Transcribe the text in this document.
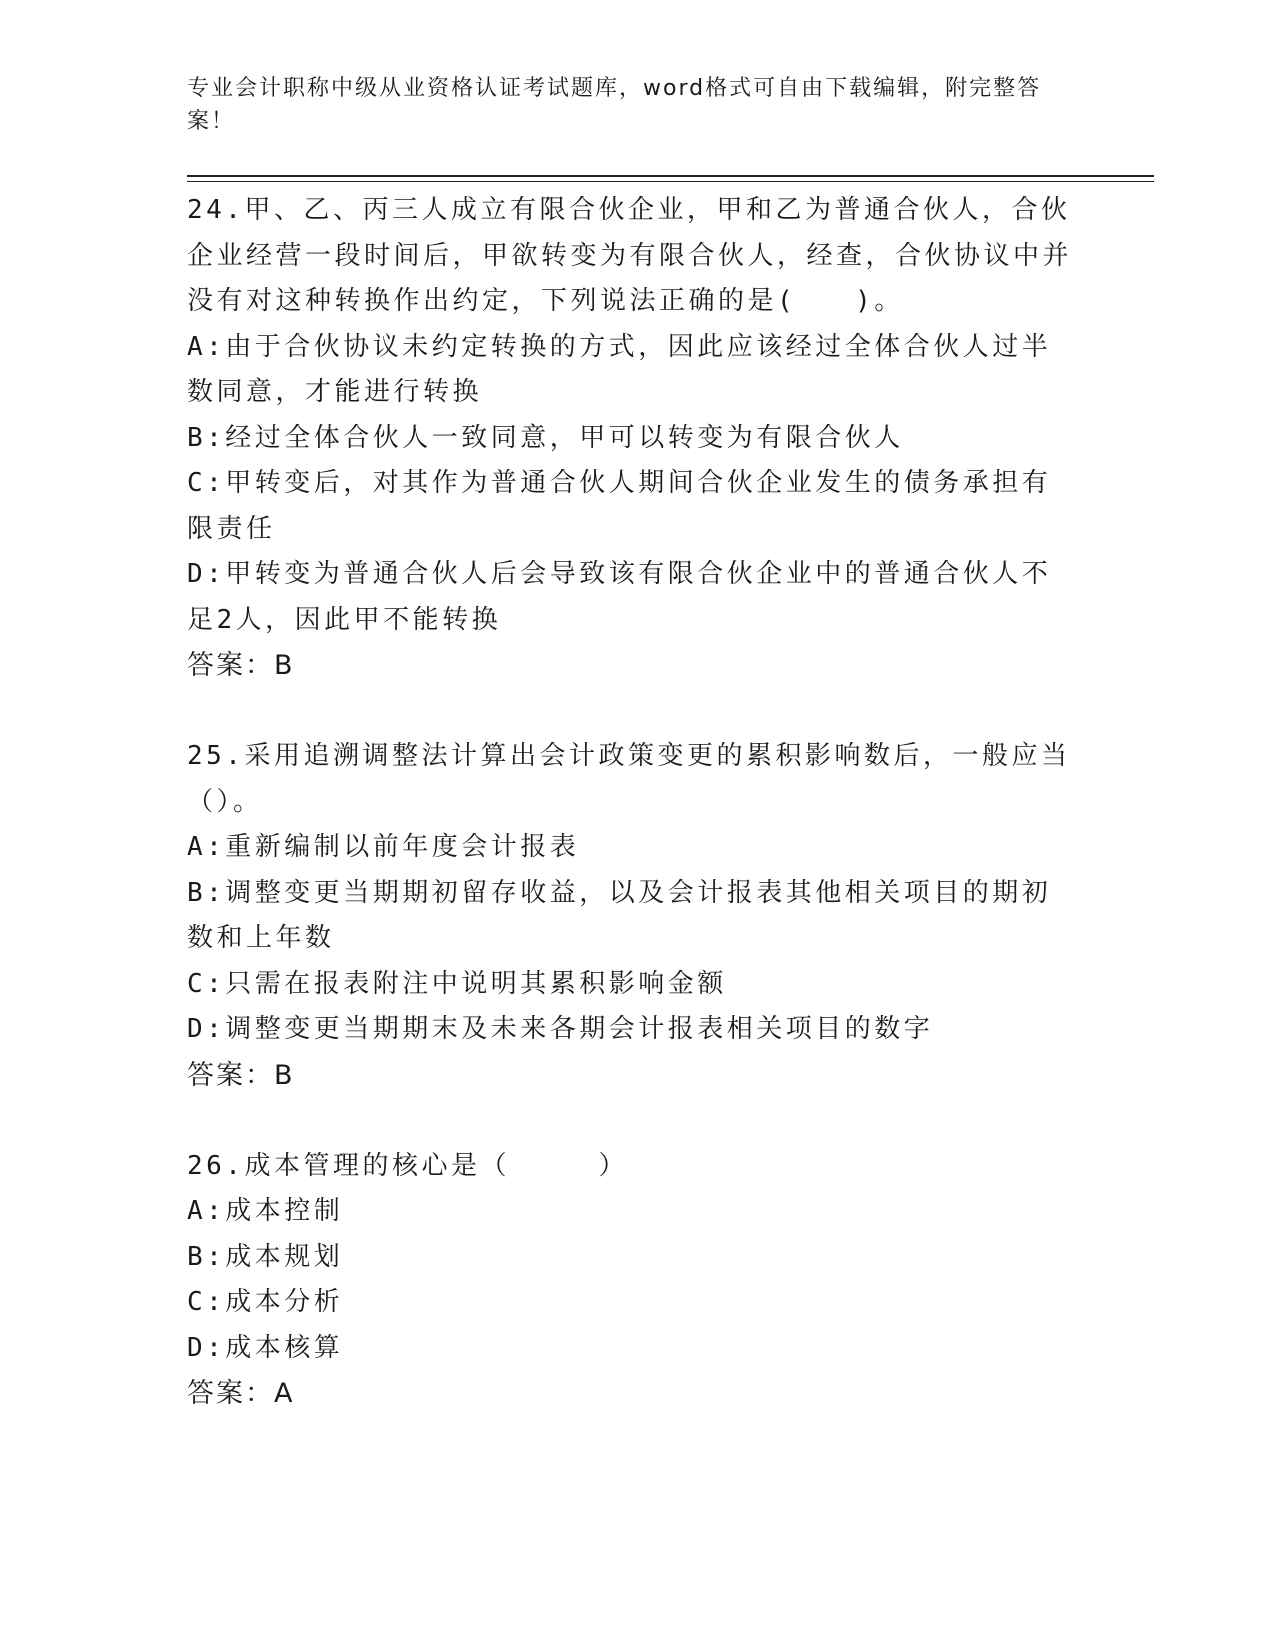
专业会计职称中级从业资格认证考试题库，word格式可自由下载编辑，附完整答案！

24.甲、乙、丙三人成立有限合伙企业，甲和乙为普通合伙人，合伙企业经营一段时间后，甲欲转变为有限合伙人，经查，合伙协议中并没有对这种转换作出约定，下列说法正确的是(　　)。

A:由于合伙协议未约定转换的方式，因此应该经过全体合伙人过半数同意，才能进行转换

B:经过全体合伙人一致同意，甲可以转变为有限合伙人

C:甲转变后，对其作为普通合伙人期间合伙企业发生的债务承担有限责任

D:甲转变为普通合伙人后会导致该有限合伙企业中的普通合伙人不足2人，因此甲不能转换

答案：B

25.采用追溯调整法计算出会计政策变更的累积影响数后，一般应当（）。

A:重新编制以前年度会计报表

B:调整变更当期期初留存收益，以及会计报表其他相关项目的期初数和上年数

C:只需在报表附注中说明其累积影响金额

D:调整变更当期期末及未来各期会计报表相关项目的数字

答案：B

26.成本管理的核心是（　　　）

A:成本控制

B:成本规划

C:成本分析

D:成本核算

答案：A
